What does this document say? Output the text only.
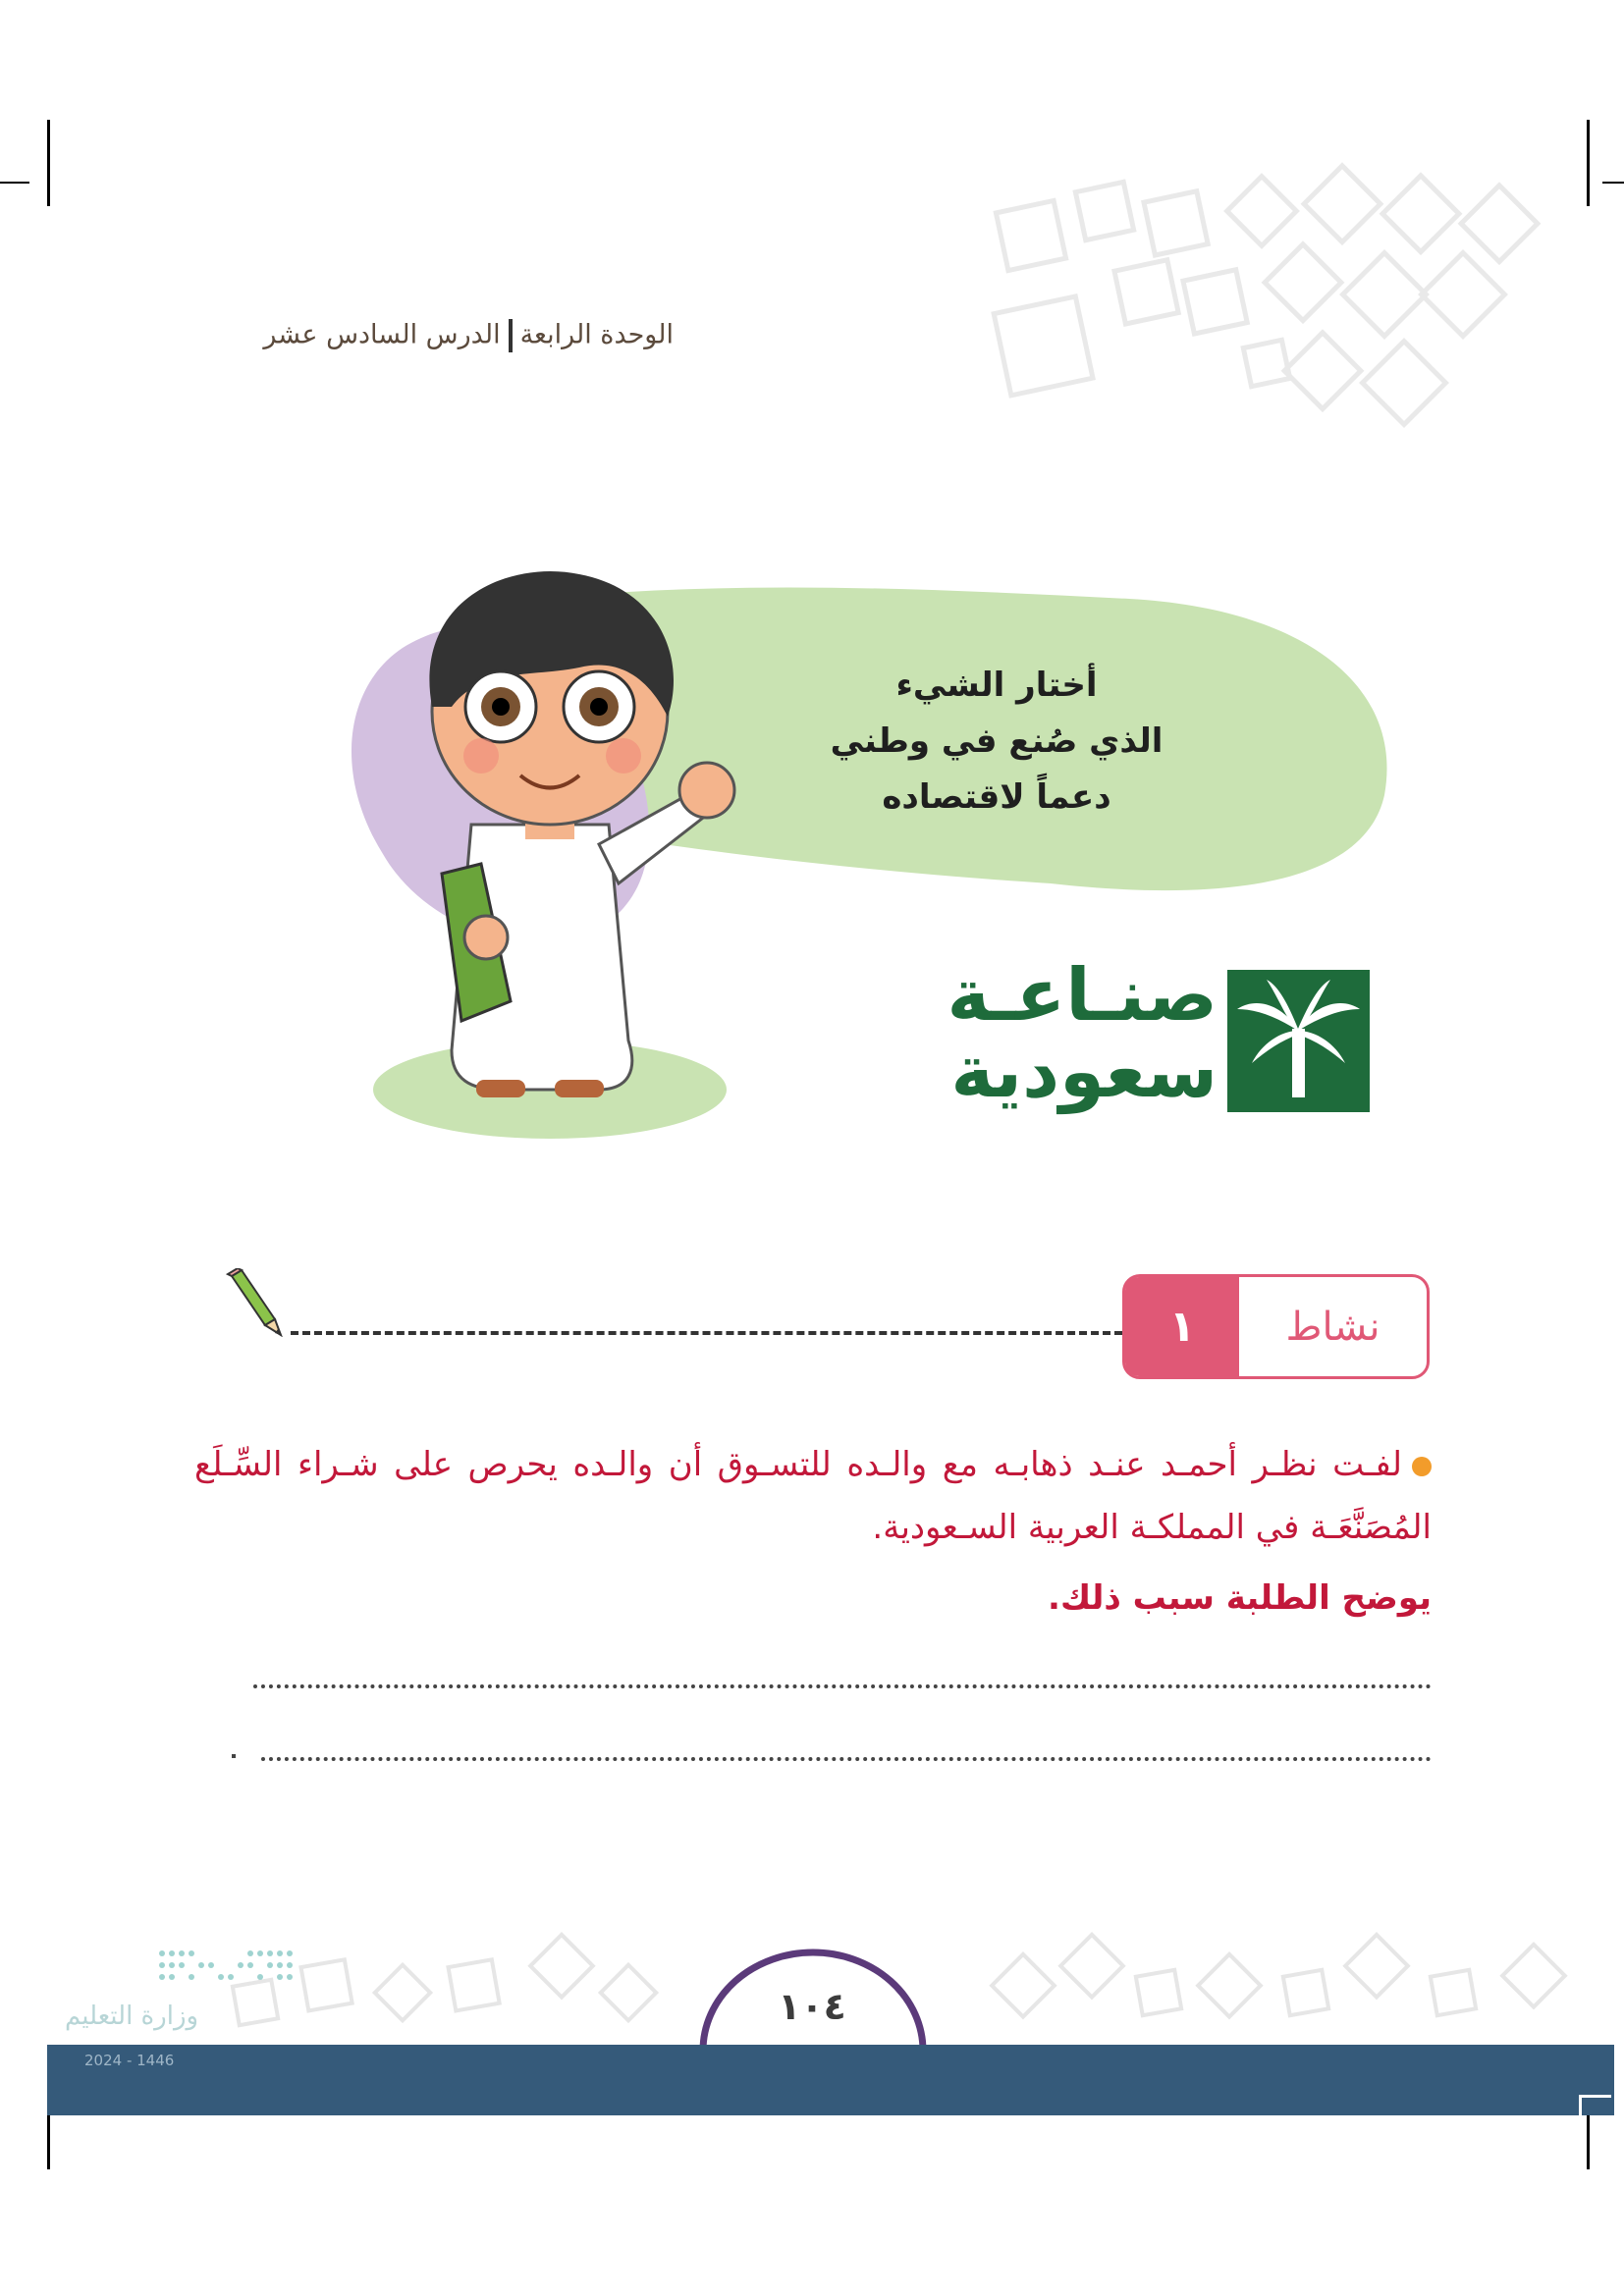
الوحدة الرابعةالدرس السادس عشر
أختار الشيء
الذي صُنع في وطني
دعماً لاقتصاده
صنـاعـة
سعودية
١	نشاط
لفـت نظـر أحمـد عنـد ذهابـه مع والـده للتسـوق أن والـده يحرص على شـراء السِّـلَع المُصَنَّعَـة في المملكـة العربية السـعودية.
يوضح الطلبة سبب ذلك.
وزارة التعليم
2024 - 1446
١٠٤
